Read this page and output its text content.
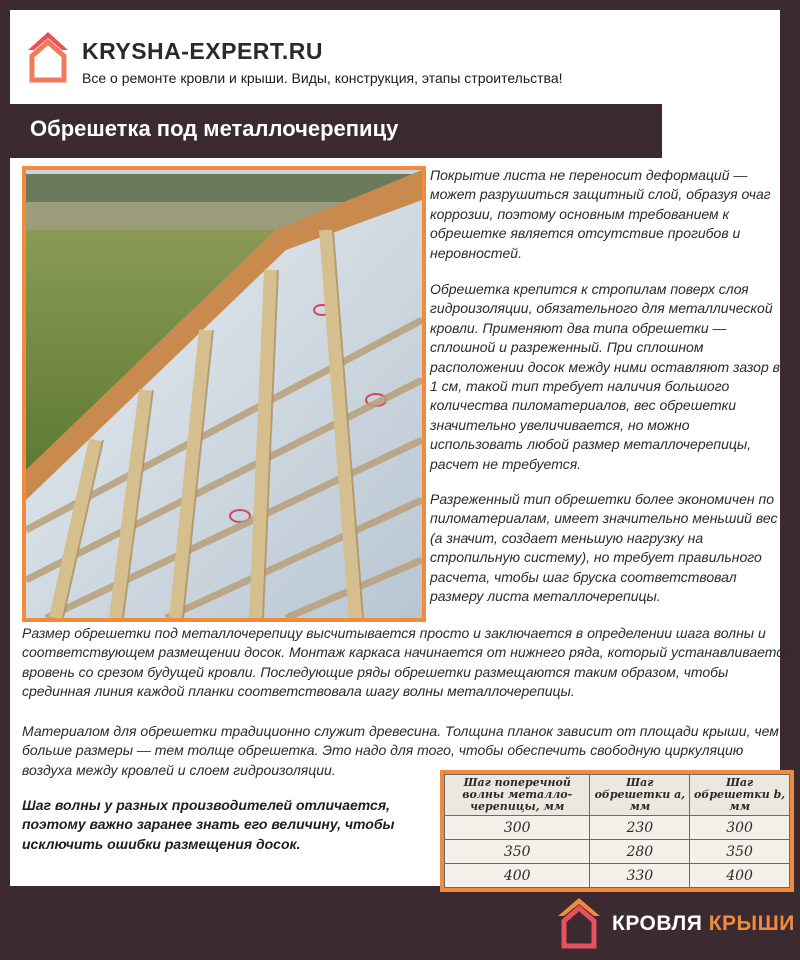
KRYSHA-EXPERT.RU
Все о ремонте кровли и крыши. Виды, конструкция, этапы строительства!
Обрешетка под металлочерепицу

Покрытие листа не переносит деформаций — может разрушиться защитный слой, образуя очаг коррозии, поэтому основным требованием к обрешетке является отсутствие прогибов и неровностей.

Обрешетка крепится к стропилам поверх слоя гидроизоляции, обязательного для металлической кровли. Применяют два типа обрешетки — сплошной и разреженный. При сплошном расположении досок между ними оставляют зазор в 1 см, такой тип требует наличия большого количества пиломатериалов, вес обрешетки значительно увеличивается, но можно использовать любой размер металлочерепицы, расчет не требуется.

Разреженный тип обрешетки более экономичен по пиломатериалам, имеет значительно меньший вес (а значит, создает меньшую нагрузку на стропильную систему), но требует правильного расчета, чтобы шаг бруска соответствовал размеру листа металлочерепицы.

Размер обрешетки под металлочерепицу высчитывается просто и заключается в определении шага волны и соответствующем размещении досок. Монтаж каркаса начинается от нижнего ряда, который устанавливается вровень со срезом будущей кровли. Последующие ряды обрешетки размещаются таким образом, чтобы срединная линия каждой планки соответствовала шагу волны металлочерепицы.

Материалом для обрешетки традиционно служит древесина. Толщина планок зависит от площади крыши, чем больше размеры — тем толще обрешетка. Это надо для того, чтобы обеспечить свободную циркуляцию воздуха между кровлей и слоем гидроизоляции.

Шаг волны у разных производителей отличается, поэтому важно заранее знать его величину, чтобы исключить ошибки размещения досок.

Шаг поперечной волны металло-черепицы, мм	Шаг обрешетки а, мм	Шаг обрешетки b, мм
300	230	300
350	280	350
400	330	400
КРОВЛЯ КРЫШИ
